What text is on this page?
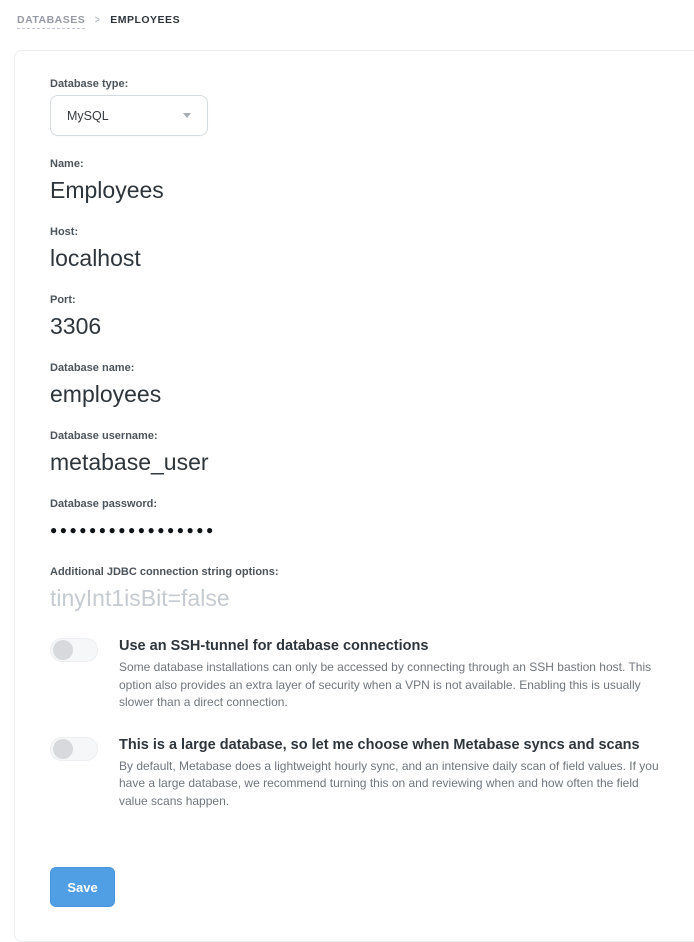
DATABASES > EMPLOYEES
Database type:
MySQL
Name:
Employees
Host:
localhost
Port:
3306
Database name:
employees
Database username:
metabase_user
Database password:
●●●●●●●●●●●●●●●●●
Additional JDBC connection string options:
tinyInt1isBit=false
Use an SSH-tunnel for database connections

Some database installations can only be accessed by connecting through an SSH bastion host. This option also provides an extra layer of security when a VPN is not available. Enabling this is usually slower than a direct connection.

This is a large database, so let me choose when Metabase syncs and scans

By default, Metabase does a lightweight hourly sync, and an intensive daily scan of field values. If you have a large database, we recommend turning this on and reviewing when and how often the field value scans happen.

Save
